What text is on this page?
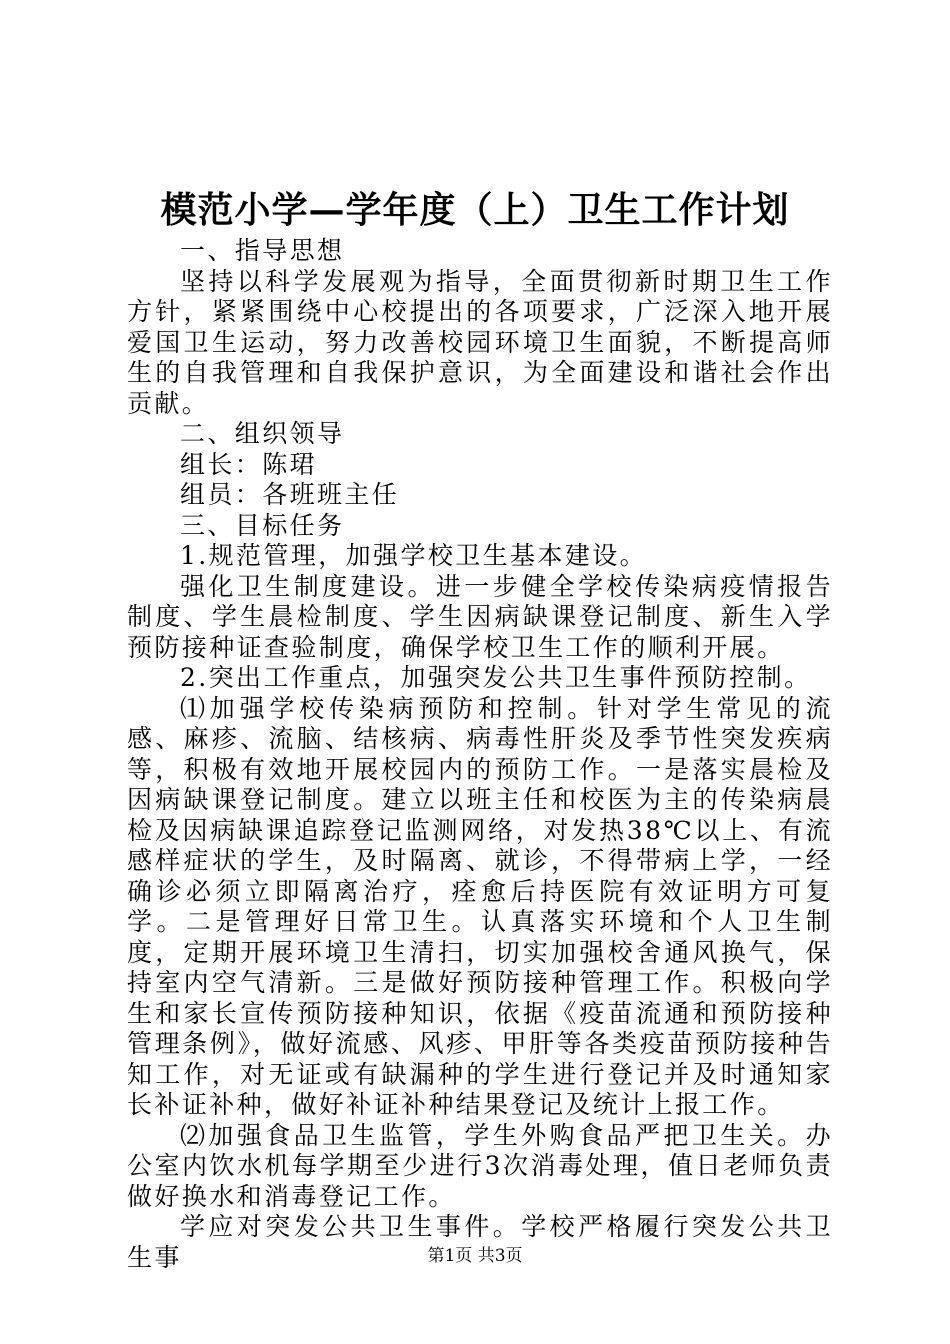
模范小学—学年度（上）卫生工作计划

一、指导思想

坚持以科学发展观为指导，全面贯彻新时期卫生工作方针，紧紧围绕中心校提出的各项要求，广泛深入地开展爱国卫生运动，努力改善校园环境卫生面貌，不断提高师生的自我管理和自我保护意识，为全面建设和谐社会作出贡献。

二、组织领导

组长：陈珺

组员：各班班主任

三、目标任务

1.规范管理，加强学校卫生基本建设。

强化卫生制度建设。进一步健全学校传染病疫情报告制度、学生晨检制度、学生因病缺课登记制度、新生入学预防接种证查验制度，确保学校卫生工作的顺利开展。

2.突出工作重点，加强突发公共卫生事件预防控制。

⑴加强学校传染病预防和控制。针对学生常见的流感、麻疹、流脑、结核病、病毒性肝炎及季节性突发疾病等，积极有效地开展校园内的预防工作。一是落实晨检及因病缺课登记制度。建立以班主任和校医为主的传染病晨检及因病缺课追踪登记监测网络，对发热38℃以上、有流感样症状的学生，及时隔离、就诊，不得带病上学，一经确诊必须立即隔离治疗，痊愈后持医院有效证明方可复学。二是管理好日常卫生。认真落实环境和个人卫生制度，定期开展环境卫生清扫，切实加强校舍通风换气，保持室内空气清新。三是做好预防接种管理工作。积极向学生和家长宣传预防接种知识，依据《疫苗流通和预防接种管理条例》，做好流感、风疹、甲肝等各类疫苗预防接种告知工作，对无证或有缺漏种的学生进行登记并及时通知家长补证补种，做好补证补种结果登记及统计上报工作。

⑵加强食品卫生监管，学生外购食品严把卫生关。办公室内饮水机每学期至少进行3次消毒处理，值日老师负责做好换水和消毒登记工作。

学应对突发公共卫生事件。学校严格履行突发公共卫生事	第1页 共3页
